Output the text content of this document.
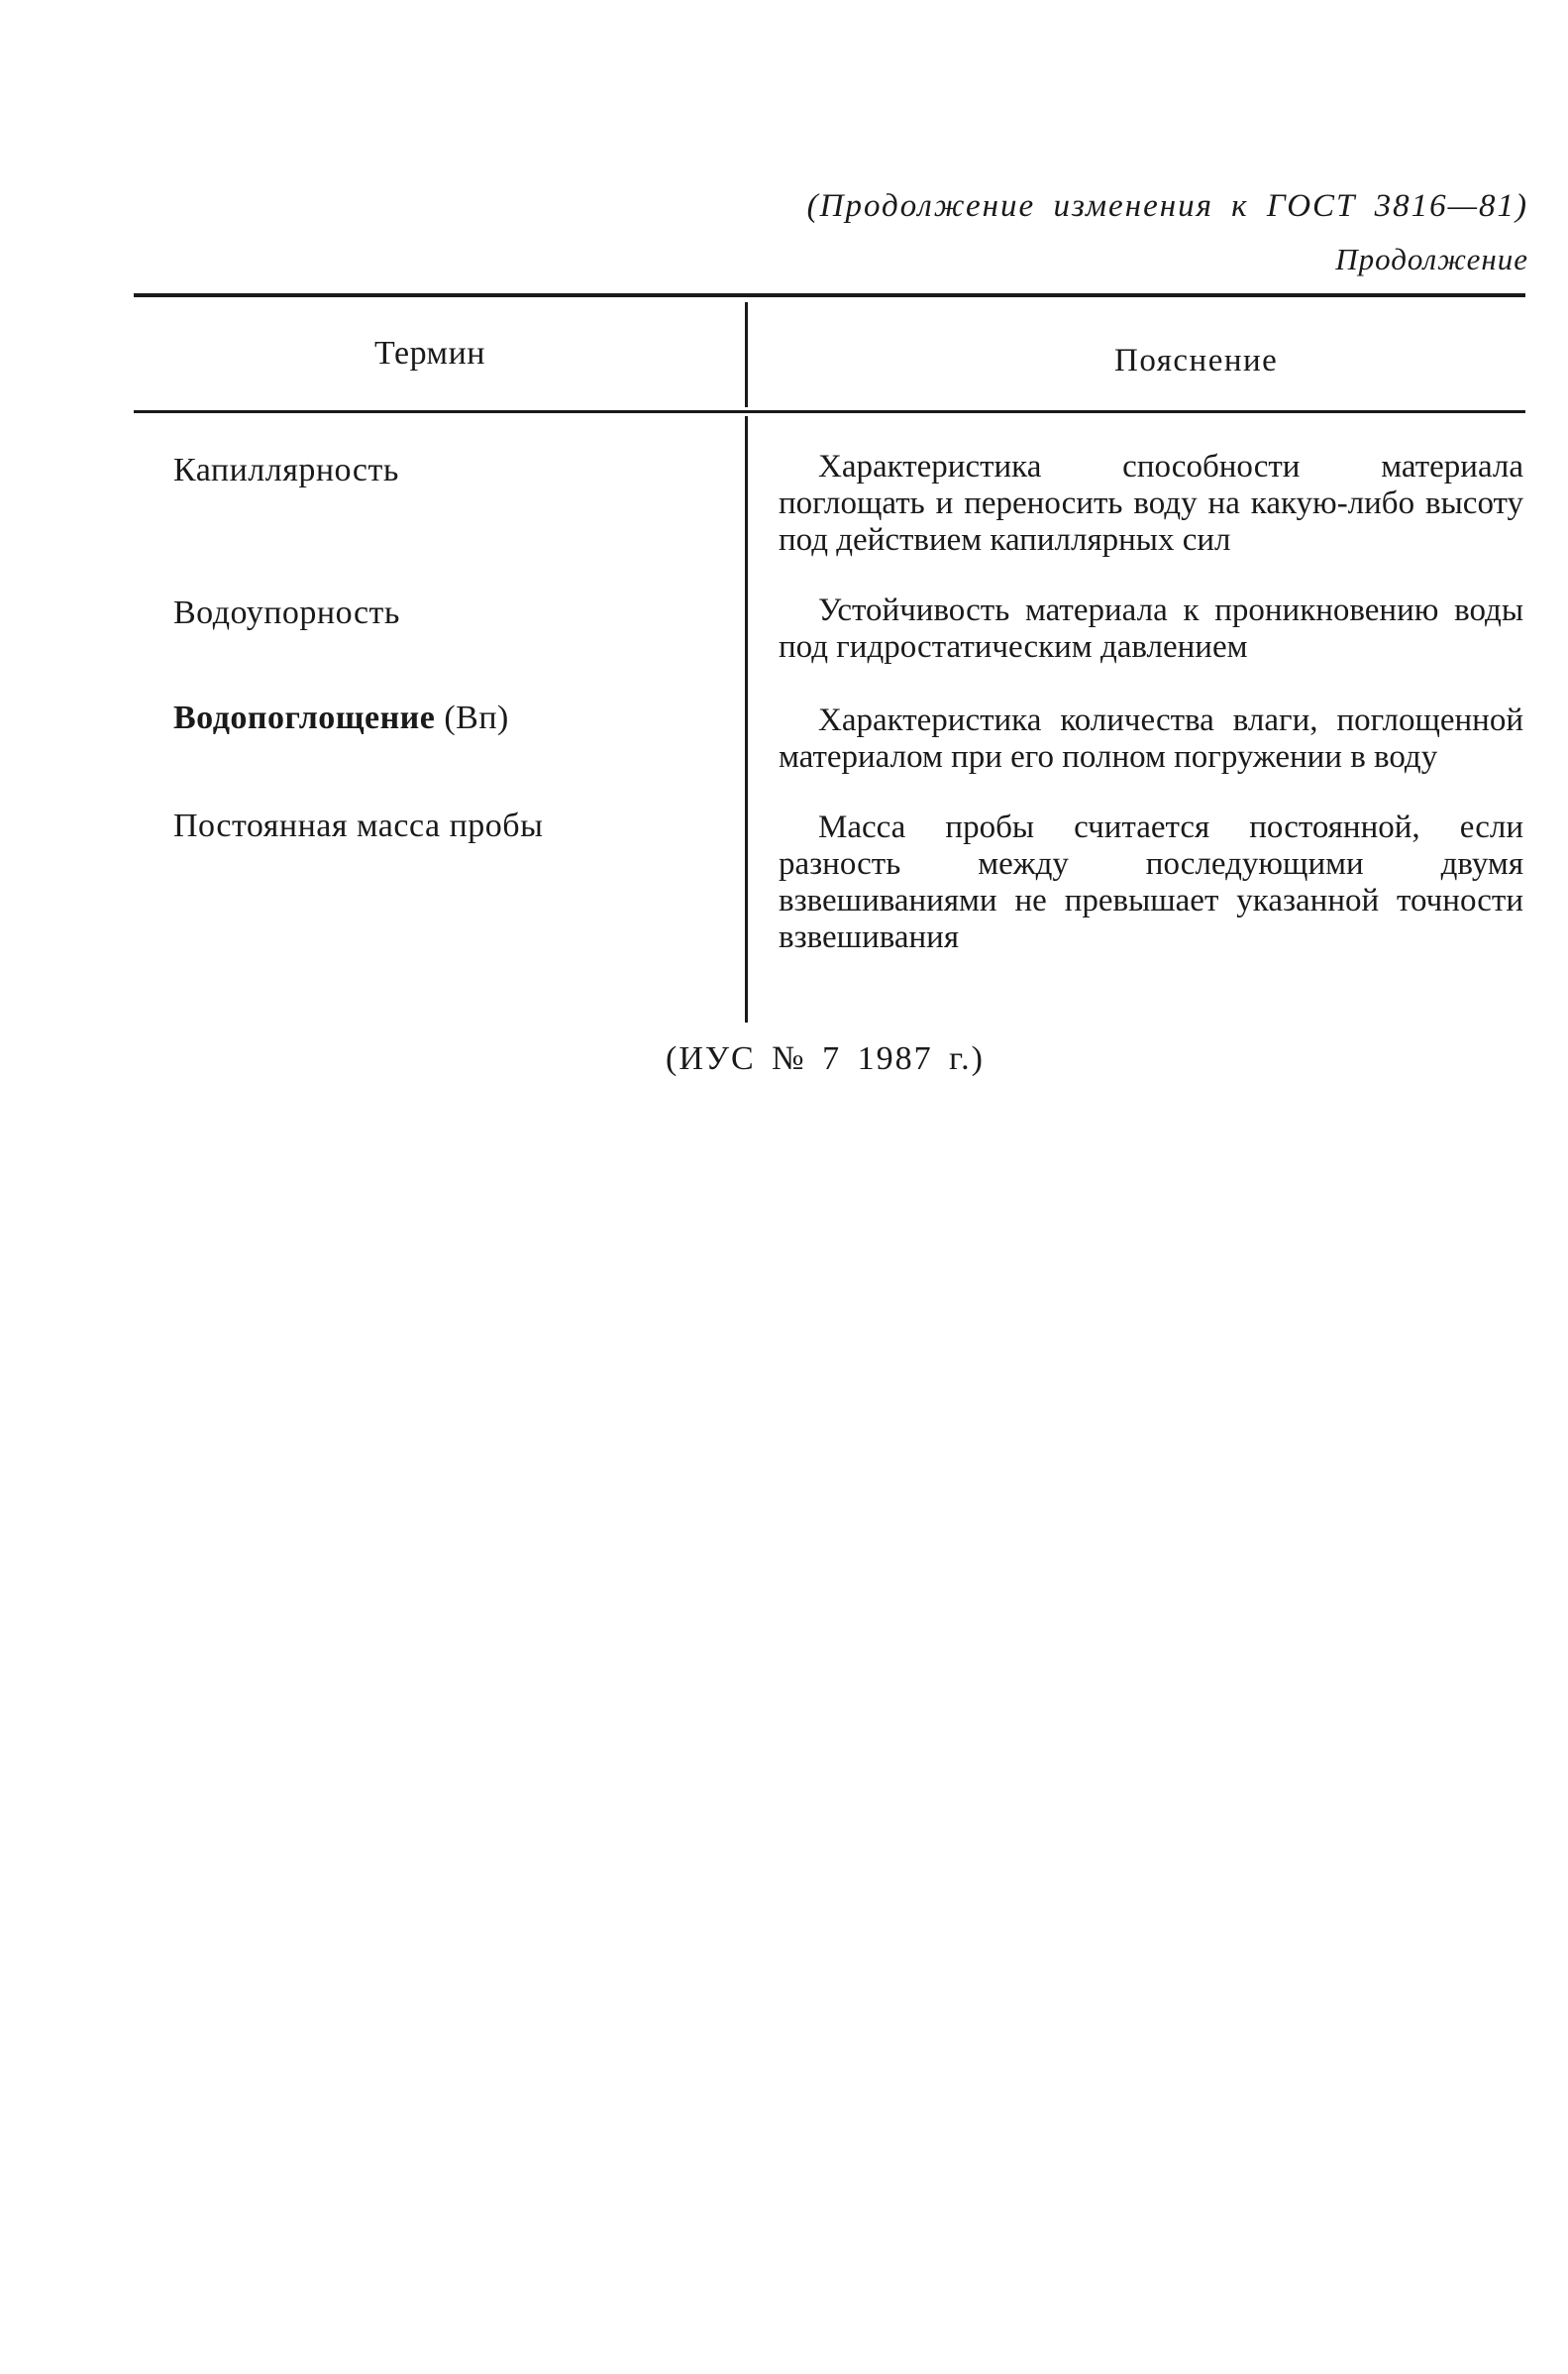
(Продолжение изменения к ГОСТ 3816—81)
Продолжение
Термин	Пояснение
Капиллярность	Характеристика способности материала поглощать и переносить воду на какую-либо высоту под действием капиллярных сил
Водоупорность	Устойчивость материала к проникновению воды под гидростатическим давлением
Водопоглощение (Bп)	Характеристика количества влаги, поглощенной материалом при его полном погружении в воду
Постоянная масса пробы	Масса пробы считается постоянной, если разность между последующими двумя взвешиваниями не превышает указанной точности взвешивания
(ИУС № 7 1987 г.)
